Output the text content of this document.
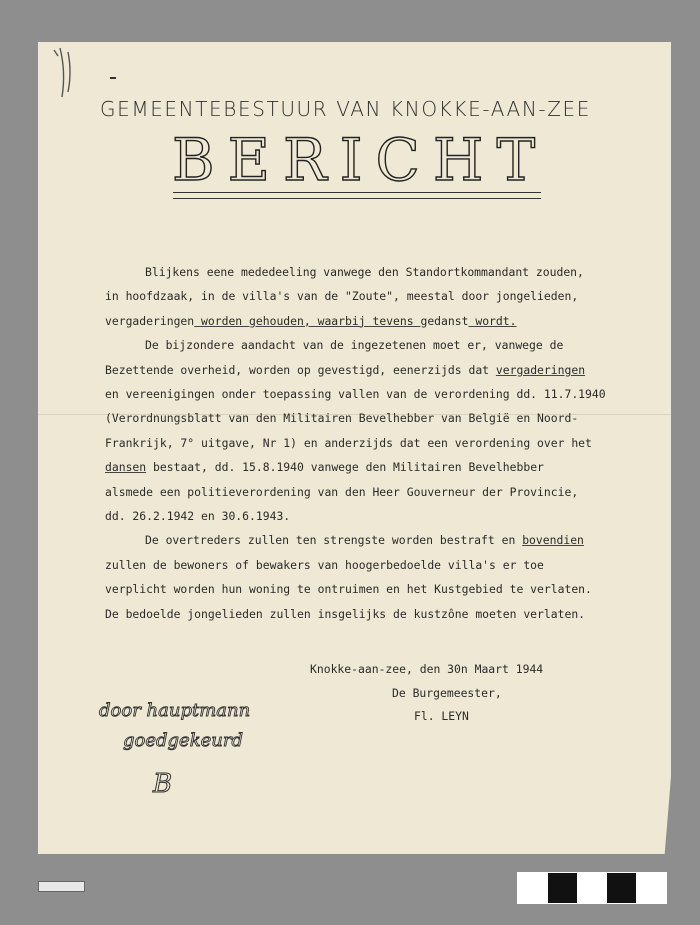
GEMEENTEBESTUUR VAN KNOKKE-AAN-ZEE
BERICHT
Blijkens eene mededeeling vanwege den Standortkommandant zouden,
in hoofdzaak, in de villa's van de "Zoute", meestal door jongelieden,
vergaderingen worden gehouden, waarbij tevens gedanst wordt.
De bijzondere aandacht van de ingezetenen moet er, vanwege de
Bezettende overheid, worden op gevestigd, eenerzijds dat vergaderingen
en vereenigingen onder toepassing vallen van de verordening dd. 11.7.1940
(Verordnungsblatt van den Militairen Bevelhebber van België en Noord-
Frankrijk, 7° uitgave, Nr 1) en anderzijds dat een verordening over het
dansen bestaat, dd. 15.8.1940 vanwege den Militairen Bevelhebber
alsmede een politieverordening van den Heer Gouverneur der Provincie,
dd. 26.2.1942 en 30.6.1943.
De overtreders zullen ten strengste worden bestraft en bovendien
zullen de bewoners of bewakers van hoogerbedoelde villa's er toe
verplicht worden hun woning te ontruimen en het Kustgebied te verlaten.
De bedoelde jongelieden zullen insgelijks de kustzône moeten verlaten.
Knokke-aan-zee, den 30n Maart 1944
De Burgemeester,
Fl. LEYN
door hauptmann
goedgekeurd
B
